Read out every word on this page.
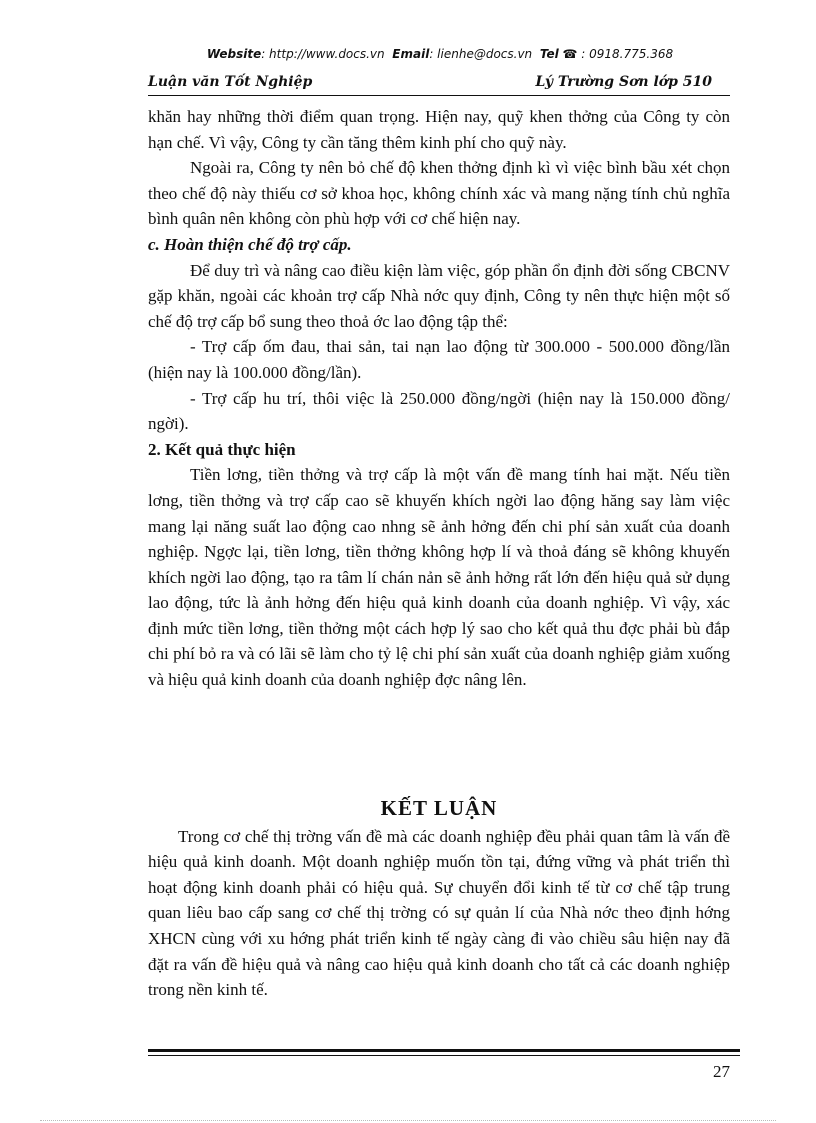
Website: http://www.docs.vn Email: lienhe@docs.vn Tel ☎ : 0918.775.368
Luận văn Tốt Nghiệp	Lý Trường Sơn lớp 510

khăn hay những thời điểm quan trọng. Hiện nay, quỹ khen thởng của Công ty còn hạn chế. Vì vậy, Công ty cần tăng thêm kinh phí cho quỹ này.

Ngoài ra, Công ty nên bỏ chế độ khen thởng định kì vì việc bình bầu xét chọn theo chế độ này thiếu cơ sở khoa học, không chính xác và mang nặng tính chủ nghĩa bình quân nên không còn phù hợp với cơ chế hiện nay.

c. Hoàn thiện chế độ trợ cấp.

Để duy trì và nâng cao điều kiện làm việc, góp phần ổn định đời sống CBCNV gặp khăn, ngoài các khoản trợ cấp Nhà nớc quy định, Công ty nên thực hiện một số chế độ trợ cấp bổ sung theo thoả ớc lao động tập thể:

- Trợ cấp ốm đau, thai sản, tai nạn lao động từ 300.000 - 500.000 đồng/lần (hiện nay là 100.000 đồng/lần).

- Trợ cấp hu trí, thôi việc là 250.000 đồng/ngời (hiện nay là 150.000 đồng/ ngời).

2. Kết quả thực hiện

Tiền lơng, tiền thởng và trợ cấp là một vấn đề mang tính hai mặt. Nếu tiền lơng, tiền thởng và trợ cấp cao sẽ khuyến khích ngời lao động hăng say làm việc mang lại năng suất lao động cao nhng sẽ ảnh hởng đến chi phí sản xuất của doanh nghiệp. Ngợc lại, tiền lơng, tiền thởng không hợp lí và thoả đáng sẽ không khuyến khích ngời lao động, tạo ra tâm lí chán nản sẽ ảnh hởng rất lớn đến hiệu quả sử dụng lao động, tức là ảnh hởng đến hiệu quả kinh doanh của doanh nghiệp. Vì vậy, xác định mức tiền lơng, tiền thởng một cách hợp lý sao cho kết quả thu đợc phải bù đắp chi phí bỏ ra và có lãi sẽ làm cho tỷ lệ chi phí sản xuất của doanh nghiệp giảm xuống và hiệu quả kinh doanh của doanh nghiệp đợc nâng lên.

KẾT LUẬN

Trong cơ chế thị trờng vấn đề mà các doanh nghiệp đều phải quan tâm là vấn đề hiệu quả kinh doanh. Một doanh nghiệp muốn tồn tại, đứng vững và phát triển thì hoạt động kinh doanh phải có hiệu quả. Sự chuyển đổi kinh tế từ cơ chế tập trung quan liêu bao cấp sang cơ chế thị trờng có sự quản lí của Nhà nớc theo định hớng XHCN cùng với xu hớng phát triển kinh tế ngày càng đi vào chiều sâu hiện nay đã đặt ra vấn đề hiệu quả và nâng cao hiệu quả kinh doanh cho tất cả các doanh nghiệp trong nền kinh tế.

27
